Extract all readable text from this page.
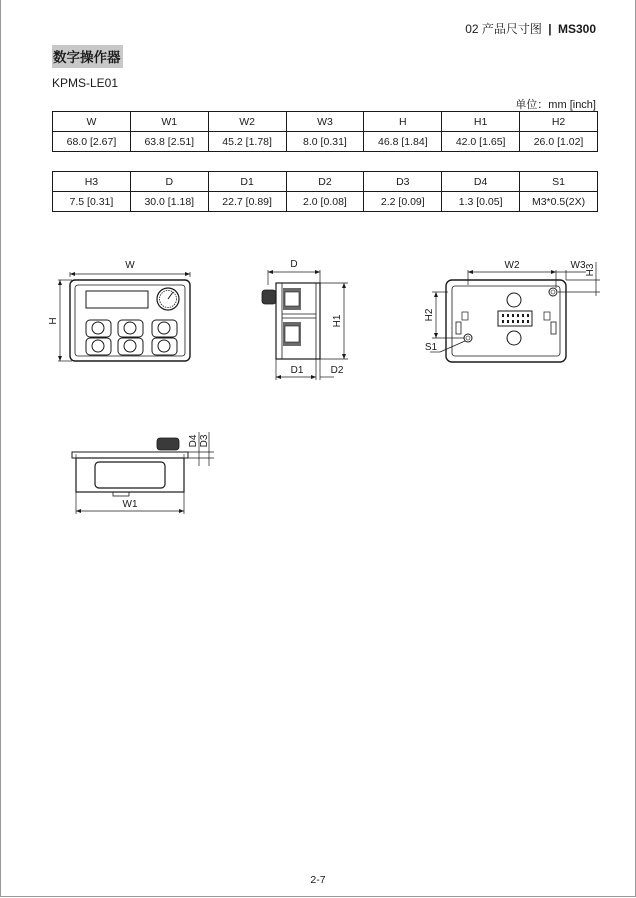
02 产品尺寸图 | MS300
数字操作器
KPMS-LE01
单位：mm [inch]
W	W1	W2	W3	H	H1	H2
68.0 [2.67]	63.8 [2.51]	45.2 [1.78]	8.0 [0.31]	46.8 [1.84]	42.0 [1.65]	26.0 [1.02]
H3	D	D1	D2	D3	D4	S1
7.5 [0.31]	30.0 [1.18]	22.7 [0.89]	2.0 [0.08]	2.2 [0.09]	1.3 [0.05]	M3*0.5(2X)
W
H
D
H1
D1	D2
W2	W3 H3
H2
S1
D4 D3
W1
2-7
